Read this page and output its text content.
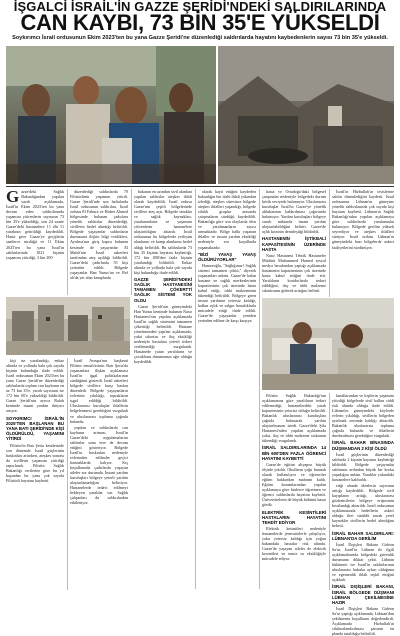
İŞGALCİ İSRAİL'İN GAZZE ŞERİDİ'NDEKİ SALDIRILARINDA
CAN KAYBI, 73 BİN 35'E YÜKSELDİ
Soykırımcı İsrail ordusunun Ekim 2023'ten bu yana Gazze Şeridi'ne düzenlediği saldırılarda hayatını kaybedenlerin sayısı 73 bin 35'e yükseldi.
G azze'deki Sağlık Bakanlığından yapılan yazılı açıklamada, İsrail'in Ekim 2023'ten bu yana devam eden saldırılarında yaşamını yitirenlerin sayısının 73 bin 35'e yükseldiği, son 24 saatte Gazze'deki hastanelere 1'i ölü 11 yaralının getirildiği kaydedildi. Hasta gece Gazze'ye geçişlerin saatlerce sürdüğü ve 11 Ekim 2025'ten bu yana İsrail'in saldırılarında 1021 kişinin yaşamını yitirdiği, 3 bin 200

düzenlediği saldırılarda 70 Filistinlinin yaşamını yitirdi. Gazze Şeridi'nde son haftalarda İsrail ordusunun saldırıları, İsrail ordusu El Fahura ve Hirbet Ahmed bölgesinde bulunan çadırlara yönelik saldırılar düzenlediği, sivillerin hedef alındığı belirtildi. Bölgede yaşayanlar saldırıların durmasına ilişkin bilgi verdikleri, Ayrılma'nın giriş kapısı bulunan kesimde de yaşayanlar El Mahfi'nin İsrail askerleri tarafından ateş açıldığı bildirildi. Gazze'deki çadırlarda 55 kişi yerinden edildi. Bölgede yaşayanlar Han Yunus'un ve Ref ah'da yer alan kamplarda

bakanın en azından sivil alanlara yapılan saldırılar ateşkes ihlali olarak kaydedildi. İsrail ordusu Gazze'nin çeşitli bölgelerinde sivillere ateş açtı. Bölgede tanıklar ve sağlık kaynakları, yaralananların ve yaşamını yitirenlerin hastanelere ulaştırıldığını aktardı. İsrail ordusunun bu bölgelerde yerleşim alanlarını ve kamp alanlarını hedef aldığı belirtildi. Bu saldırılarda 73 bin 35 kişinin hayatını kaybettiği, 172 bin 000'den fazla kişinin yaralandığı bildirildi. Enkaz altında ve yollarda hala çok sayıda kişi bulunduğu ifade edildi.

GAZZE ŞERİDİ'NDEKİ SAĞLIK HASTANESİNİ TAMAMEN ÇÖKERTTİ SAĞLIK SİSTEMİ YOK OLDU

Gazze Şeridi'nin güneyindeki Han Yunus kentinde bulunan Nasır Hastanesi'nin yapılan açıklamada İsrail'in sağlık sistemini tamamen çökerttiği belirtildi. Hastane yönetiminden yapılan açıklamada, yakıt sıkıntısı ve ilaç eksikliği nedeniyle hastalara yeterli tedavi verilemediği vurgulandı. Hastanede yatan yaralıların ve çocukların durumunun ağır olduğu kaydedildi.

olarak kayıt ettiğini kaydeden bakanlığın her türlü ihlali yakından izlediği, ateşkes süresince bölgede ateşkes ihlalleri yaşandığı, bölgede silahlı gruplar arasında çatışmaların sürdüğü kaydedildi. Bakanlığa göre son olaylarda ölen ve yaralananların sayısı artmaktadır. Bölge halkı yaşanan ihlaller ve insani yardım eksikliği nedeniyle zor koşullarda yaşamaktadır.

"BİZİ YAVAŞ YAVAŞ ÖLDÜRÜYORLAR"

Hamzeoğlu, "Sağlığımız! Sağlık sistemi tamamen çöktü," diyerek yaşananları anlattı. Gazze'de kalan hastane ve sağlık merkezlerinin kapasitesinin çok üzerinde hasta kabul ettiği, tıbbi malzemenin tükendiği belirtildi. Bölgeye giren insani yardımın yetersiz kaldığı, halkın açlık ve salgın hastalıklarla mücadele ettiği ifade edildi. Gazze'de yaşayanlar yeniden yerinden edilme ile karşı karşıya.

hasta ve Ortadoğu'daki bölgesel çatışmalar nedeniyle bölgedeki durum kritik seviyede bulunuyor. Uluslararası kuruluşlar İsrail'in Gazze'ye yönelik ablukasının kaldırılması çağrısında bulunuyor. Yardım kuruluşları bölgeye sınırlı miktarda insani yardım ulaştırılabildiğini belirtti. Gazze'de açlık krizinin derinleştiği bildirildi.

HASTANENİN İŞTİKBALİ KAPASİTESİNİN ÜZERİNDE HASTA

Nasır Hastanesi Tebrik Hastaneler Müdürü Muhammed Hamed sosyal medya hesabından yaptığı açıklamada hastanenin kapasitesinin çok üzerinde hasta kabul ettiğini ifade etti. Yaralıların koridorlarda tedavi edildiğini, ilaç ve tıbbi malzeme sıkıntısının giderek arttığını belirtti.

İsrail'in Hizbullah'ın tesislerine saldırı düzenlediğini kaydetti. İsrail ordusunun Lübnan'ın güneyine yönelik saldırılarında çok sayıda kişi hayatını kaybetti. Lübnan'ın Sağlık Bakanlığı'ndan yapılan açıklamaya göre saldırılarda yaralananlar bulunuyor. Bölgede gerilim yüksek seyrediyor ve ateşkes ihlalleri sürüyor. İsrail ordusu Lübnan'ın güneyindeki bazı bölgelerde askeri faaliyetlerini sürdürüyor.

kişi ise yaralandığı, enkaz altında ve yollarda hala çok sayıda kişinin bulunduğu ifade edildi. İsrail ordusunun Ekim 2023'ten bu yana Gazze Şeridi'ne düzenlediği saldırılarda toplam can kaybının en az 73 bin 35'e, yaralı sayısının ise 172 bin 00'e yükseldiği bildirildi. Gazze Şeridi'nin ayrıca Rafah kentinde insani yardım ihtiyacı artıyor.

SOYKIRIMCI İSRAİL'İN 2025'TEN BAŞLANAN BU YANA BATI ŞERİDİ'NDE KİŞİ ÖLDÜRÜLDÜ, YAŞAMINI YİTİRDİ

Filistin'in Batı Şeria kentlerinde son dönemde İsrail güçlerinin baskınları artarken, ateşkes sonrası da sivillerin yaşamını yitirdiği raporlandı. Filistin Sağlık Bakanlığı verilerine göre bu yıl başından bu yana çok sayıda Filistinli hayatını kaybetti.

İsrail Avrupa'nın başkenti Filistin temsilcisinin Batı Şeria'da yaşananlara ilişkin açıklaması İsrail'in işgal politikalarının sürdüğünü gösterdi. İsrail askerleri bölgede sivillere karşı baskın düzenledi. Bölgede yaşayanların evlerinin yıkıldığı, toprakların işgal edildiği bildirildi. Uluslararası kuruluşlar ihlallerin belgelenmesi gerektiğini vurguladı ve uluslararası topluma çağrıda bulundu.

yapılan ve saldırılarda can kaybının artması. İsrail'in Gazze'deki uygulamalarını saldırılar sona erse de devam ettiğini gösteriyor. Bölgede İsrail'in baskınları nedeniyle evlerinden edilenler geçici barınaklarda kalıyor. Kış koşullarında çadırlarda yaşayan aileler zor durumda. İnsani yardım kuruluşları bölgeye yeterli yardım ulaştırılamadığını belirtiyor. Hastanelerde tedavi edilmeyi bekleyen yaralılar var. Sağlık çalışanları da saldırılardan etkileniyor.

Filistin Sağlık Bakanlığı'nın açıklamasına göre yaralıların tedavi edilemediği, hastanelerdeki yatak kapasitesinin yetersiz olduğu belirtildi. Bakanlık uluslararası kuruluşlara çağrıda bulunarak yardım ulaştırılmasını istedi. Gazze'deki Şifa Hastanesi'nden yapılan açıklamada yakıt, ilaç ve tıbbi malzeme stokunun tükendiği vurgulandı.

İSRAİL SALDIRILARINDA 14 BİN 600'DEN FAZLA ÖĞRENCİ HAYATINI KAYBETTİ

Gazze'de eğitim altyapısı büyük ölçüde yıkıldı. Okulların çoğu barınak olarak kullanılıyor ve öğrenciler eğitim hakkından mahrum kaldı. Eğitim kurumlarından yapılan açıklamaya göre binlerce öğretmen ve öğrenci saldırılarda hayatını kaybetti. Üniversitelerin de büyük bölümü hasar gördü.

ELEKTRİK KESİNTİLERİ HASTALARIN HAYATINI TEHDİT EDİYOR

Elektrik kesintileri nedeniyle hastanelerde jeneratörlerle çalışılıyor, yakıt yetersiz kaldığı için yoğun bakımdaki hastalar risk altında. Gazze'de yaşayan aileler de elektrik kesintileri ve temiz su eksikliğiyle mücadele ediyor.

kurallarından ve kişilerin yaşamını yitirdiği bölgelerde sivil halkın ciddi risk altında olduğu ifade edildi. Lübnan'ın güneyindeki köylerde evlerin yıkıldığı, sivillerin bölgeden ayrılmak zorunda kaldığı aktarıldı. Bakanlık uluslararası topluma çağrıda bulundu ve ihlallerin durdurulması gerektiğini vurguladı.

İSRAİL BAHAR BİNASINDA DÜŞMANDAN 2 KİŞİ ÖLDÜ

İsrail güçlerinin düzenlediği saldırıda 2 kişinin hayatını kaybettiği bildirildi. Bölgede yaşayanlar saldırının ardından büyük bir korku yaşadığını anlattı. Yaralılar yakındaki hastanelere kaldırıldı.

etiği alanda ölenlerin sayısının arttığı kaydedildi. Bölgede sivil kayıpların arttığı, uluslararası gözlemcilerin bölgeye erişiminin kısıtlandığı aktarıldı. İsrail ordusunun açıklamasında hedeflerin askeri olduğu ileri sürüldü ancak yerel kaynaklar sivillerin hedef alındığını belirtti.

İSRAİL BAHAR SALDIRILARI: LÜBNAN'DA GERİLİM

İsrail Dışişleri Bakanı Gideon Sa'ar, İsrail'in Lübnan ile ilgili açıklamalarında bölgedeki güvenlik durumuna dikkat çekti. Lübnan hükümeti ise İsrail'in saldırılarının uluslararası hukuka aykırı olduğunu ve egemenlik ihlali teşkil ettiğini açıkladı.

İSRAİL DIŞİŞLERİ BAKANI, İSRAİL BÖLGEDE DÜŞMANI LÜBNAN ÇEKİLMESİNE HAZIR

İsrail Dışişleri Bakanı Gideon Sa'ar yaptığı açıklamada, Lübnan'dan çekilmenin koşullarını değerlendirdi. Açıklamada Hizbullah'ın silahsızlandırılması şartının ön planda tutulduğu belirtildi.
